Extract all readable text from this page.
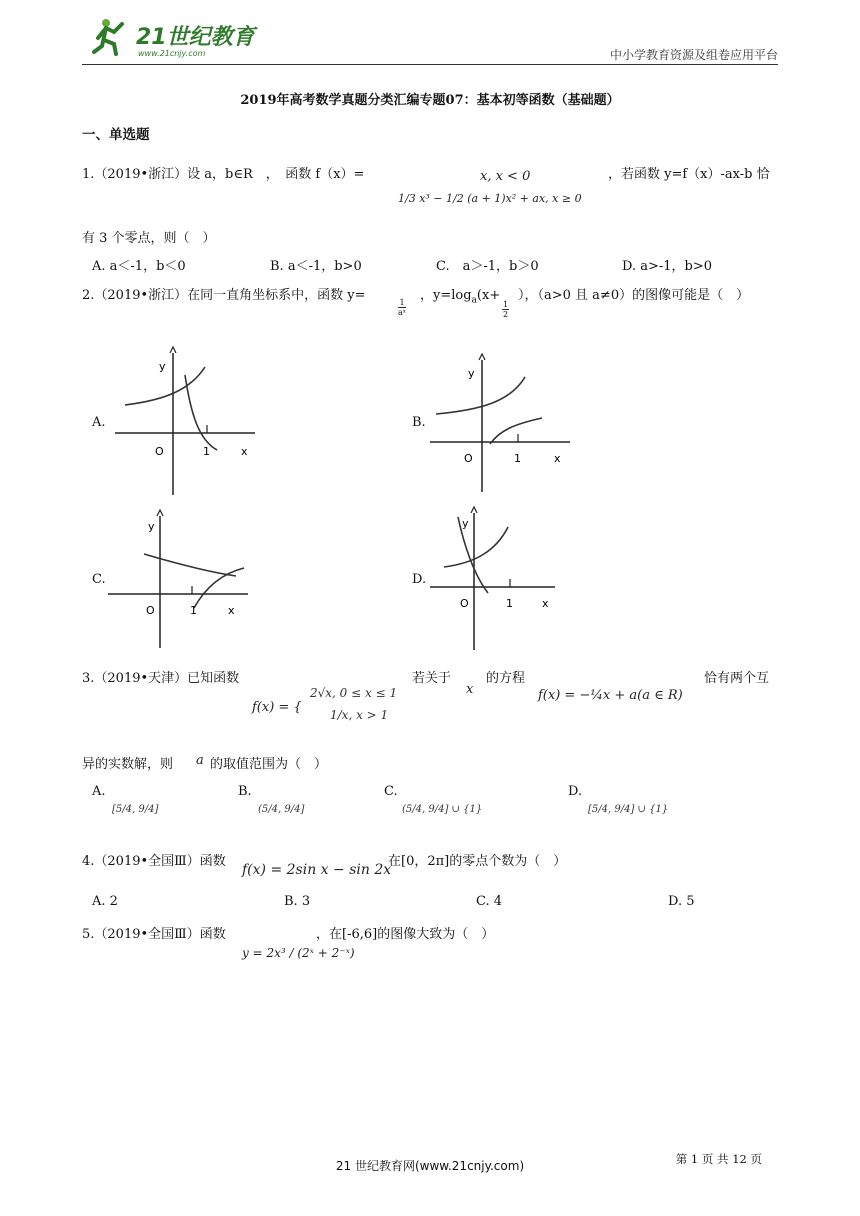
21世纪教育
www.21cnjy.com	中小学教育资源及组卷应用平台
2019年高考数学真题分类汇编专题07：基本初等函数（基础题）
一、单选题
1.（2019•浙江）设 a，b∈R　，　函数 f（x）=	x, x < 0
1/3 x³ − 1/2 (a + 1)x² + ax, x ≥ 0
，若函数 y=f（x）-ax-b 恰
有 3 个零点，则（　）
A. a＜-1，b＜0	B. a＜-1，b>0	C.　a＞-1，b＞0	D. a>-1，b>0
2.（2019•浙江）在同一直角坐标系中，函数 y=
$\frac{1}{\text{aˣ}}$
，$y=\log_a(x+$
$\frac{1}{2}$
），（a>0 且 a≠0）的图像可能是（　）
A.	B.
C.	D.
y
x
O	1
y
x
O	1
y
x
O	1
y
x
O	1
3.（2019•天津）已知函数	若关于
x
的方程	恰有两个互
f(x) = {
2√x, 0 ≤ x ≤ 1
1/x, x > 1
f(x) = −¼x + a(a ∈ R)
异的实数解，则 a 的取值范围为（　）
A.
[5/4, 9/4]
B.
(5/4, 9/4]
C.
(5/4, 9/4] ∪ {1}
D.
[5/4, 9/4] ∪ {1}
4.（2019•全国Ⅲ）函数
f(x) = 2sin x − sin 2x
在[0，2π]的零点个数为（　）
A. 2	B. 3	C. 4	D. 5
5.（2019•全国Ⅲ）函数
y = 2x³ / (2ˣ + 2⁻ˣ)
，在[-6,6]的图像大致为（　）
21 世纪教育网(www.21cnjy.com)	第 1 页 共 12 页
